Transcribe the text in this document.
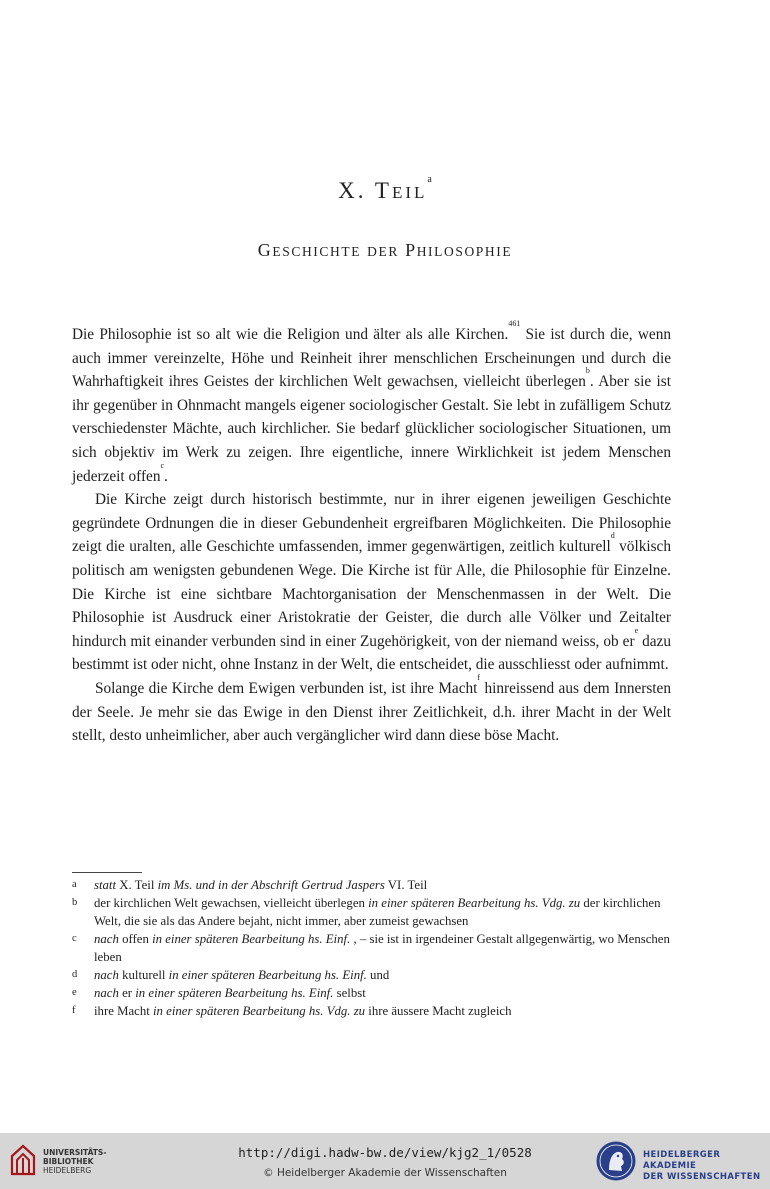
X. TEIL$^a$
GESCHICHTE DER PHILOSOPHIE

Die Philosophie ist so alt wie die Religion und älter als alle Kirchen.$^{461}$ Sie ist durch die, wenn auch immer vereinzelte, Höhe und Reinheit ihrer menschlichen Erscheinungen und durch die Wahrhaftigkeit ihres Geistes der kirchlichen Welt gewachsen, vielleicht überlegen$^b$. Aber sie ist ihr gegenüber in Ohnmacht mangels eigener sociologischer Gestalt. Sie lebt in zufälligem Schutz verschiedenster Mächte, auch kirchlicher. Sie bedarf glücklicher sociologischer Situationen, um sich objektiv im Werk zu zeigen. Ihre eigentliche, innere Wirklichkeit ist jedem Menschen jederzeit offen$^c$.

Die Kirche zeigt durch historisch bestimmte, nur in ihrer eigenen jeweiligen Geschichte gegründete Ordnungen die in dieser Gebundenheit ergreifbaren Möglichkeiten. Die Philosophie zeigt die uralten, alle Geschichte umfassenden, immer gegenwärtigen, zeitlich kulturell$^d$ völkisch politisch am wenigsten gebundenen Wege. Die Kirche ist für Alle, die Philosophie für Einzelne. Die Kirche ist eine sichtbare Machtorganisation der Menschenmassen in der Welt. Die Philosophie ist Ausdruck einer Aristokratie der Geister, die durch alle Völker und Zeitalter hindurch mit einander verbunden sind in einer Zugehörigkeit, von der niemand weiss, ob $er^e$ dazu bestimmt ist oder nicht, ohne Instanz in der Welt, die entscheidet, die ausschliesst oder aufnimmt.

Solange die Kirche dem Ewigen verbunden ist, ist ihre Macht$^f$ hinreissend aus dem Innersten der Seele. Je mehr sie das Ewige in den Dienst ihrer Zeitlichkeit, d.h. ihrer Macht in der Welt stellt, desto unheimlicher, aber auch vergänglicher wird dann diese böse Macht.

a	statt X. Teil im Ms. und in der Abschrift Gertrud Jaspers VI. Teil
b	der kirchlichen Welt gewachsen, vielleicht überlegen in einer späteren Bearbeitung hs. Vdg. zu der kirchlichen Welt, die sie als das Andere bejaht, nicht immer, aber zumeist gewachsen
c	nach offen in einer späteren Bearbeitung hs. Einf. , – sie ist in irgendeiner Gestalt allgegenwärtig, wo Menschen leben
d	nach kulturell in einer späteren Bearbeitung hs. Einf. und
e	nach er in einer späteren Bearbeitung hs. Einf. selbst
f	ihre Macht in einer späteren Bearbeitung hs. Vdg. zu ihre äussere Macht zugleich
UNIVERSITÄTS-
BIBLIOTHEK
HEIDELBERG
http://digi.hadw-bw.de/view/kjg2_1/0528
© Heidelberger Akademie der Wissenschaften
HEIDELBERGER AKADEMIE
DER WISSENSCHAFTEN
